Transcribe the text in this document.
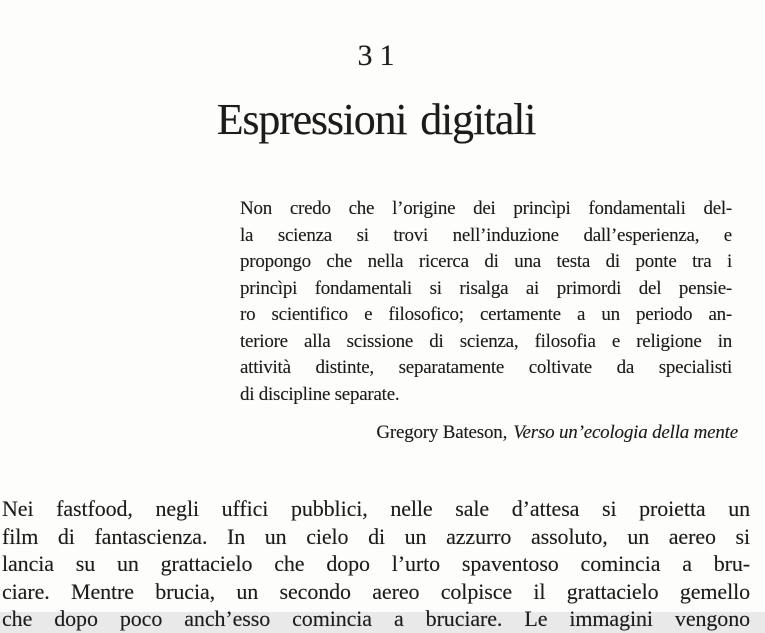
31
Espressioni digitali
Non credo che l’origine dei princìpi fondamentali del-
la scienza si trovi nell’induzione dall’esperienza, e
propongo che nella ricerca di una testa di ponte tra i
princìpi fondamentali si risalga ai primordi del pensie-
ro scientifico e filosofico; certamente a un periodo an-
teriore alla scissione di scienza, filosofia e religione in
attività distinte, separatamente coltivate da specialisti
di discipline separate.
Gregory Bateson, Verso un’ecologia della mente
Nei fastfood, negli uffici pubblici, nelle sale d’attesa si proietta un
film di fantascienza. In un cielo di un azzurro assoluto, un aereo si
lancia su un grattacielo che dopo l’urto spaventoso comincia a bru-
ciare. Mentre brucia, un secondo aereo colpisce il grattacielo gemello
che dopo poco anch’esso comincia a bruciare. Le immagini vengono
